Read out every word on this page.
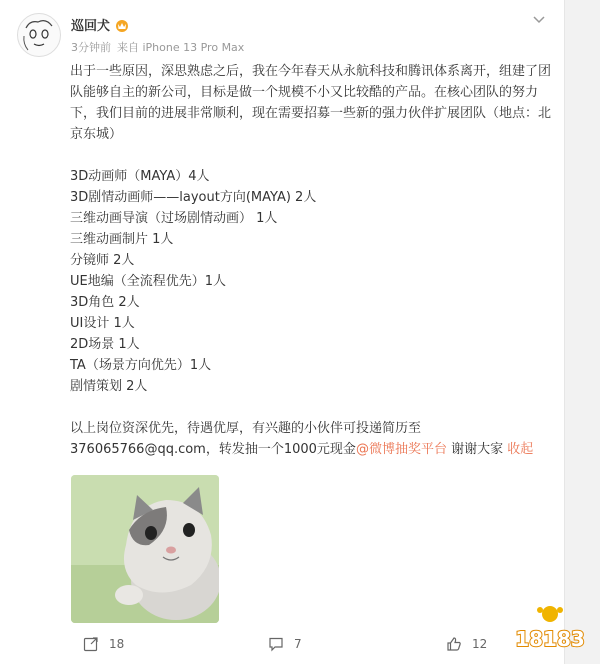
巡回犬
3分钟前 来自 iPhone 13 Pro Max

出于一些原因，深思熟虑之后，我在今年春天从永航科技和腾讯体系离开，组建了团队能够自主的新公司，目标是做一个规模不小又比较酷的产品。在核心团队的努力下，我们目前的进展非常顺利，现在需要招募一些新的强力伙伴扩展团队（地点：北京东城）

3D动画师（MAYA）4人
3D剧情动画师——layout方向(MAYA) 2人
三维动画导演（过场剧情动画） 1人
三维动画制片 1人
分镜师 2人
UE地编（全流程优先）1人
3D角色 2人
UI设计 1人
2D场景 1人
TA（场景方向优先）1人
剧情策划 2人
以上岗位资深优先，待遇优厚，有兴趣的小伙伴可投递简历至
376065766@qq.com，转发抽一个1000元现金@微博抽奖平台 谢谢大家 收起
18	7	12 18183
